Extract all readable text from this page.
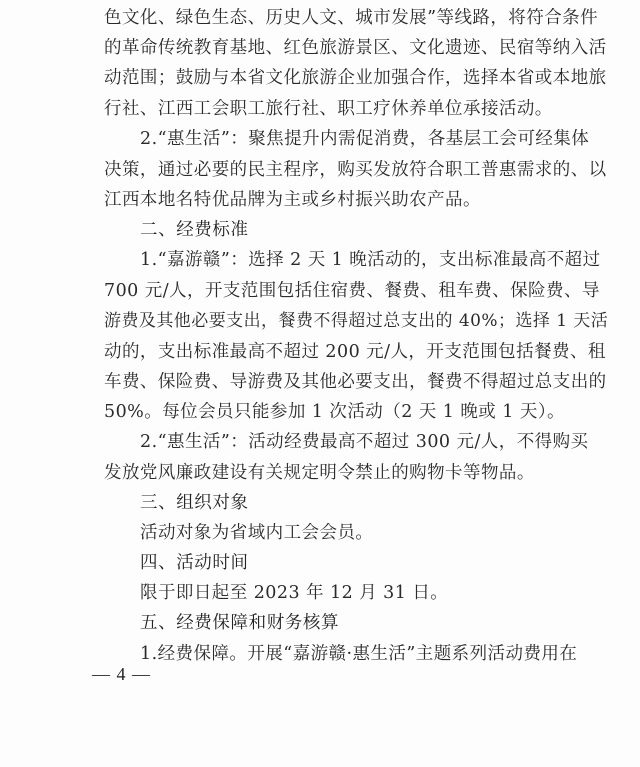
色文化、绿色生态、历史人文、城市发展”等线路，将符合条件
的革命传统教育基地、红色旅游景区、文化遗迹、民宿等纳入活
动范围；鼓励与本省文化旅游企业加强合作，选择本省或本地旅
行社、江西工会职工旅行社、职工疗休养单位承接活动。
2.“惠生活”：聚焦提升内需促消费，各基层工会可经集体
决策，通过必要的民主程序，购买发放符合职工普惠需求的、以
江西本地名特优品牌为主或乡村振兴助农产品。
二、经费标准
1.“嘉游赣”：选择 2 天 1 晚活动的，支出标准最高不超过
700 元/人，开支范围包括住宿费、餐费、租车费、保险费、导
游费及其他必要支出，餐费不得超过总支出的 40%；选择 1 天活
动的，支出标准最高不超过 200 元/人，开支范围包括餐费、租
车费、保险费、导游费及其他必要支出，餐费不得超过总支出的
50%。每位会员只能参加 1 次活动（2 天 1 晚或 1 天）。
2.“惠生活”：活动经费最高不超过 300 元/人，不得购买
发放党风廉政建设有关规定明令禁止的购物卡等物品。
三、组织对象
活动对象为省域内工会会员。
四、活动时间
限于即日起至 2023 年 12 月 31 日。
五、经费保障和财务核算
1.经费保障。开展“嘉游赣·惠生活”主题系列活动费用在
— 4 —
